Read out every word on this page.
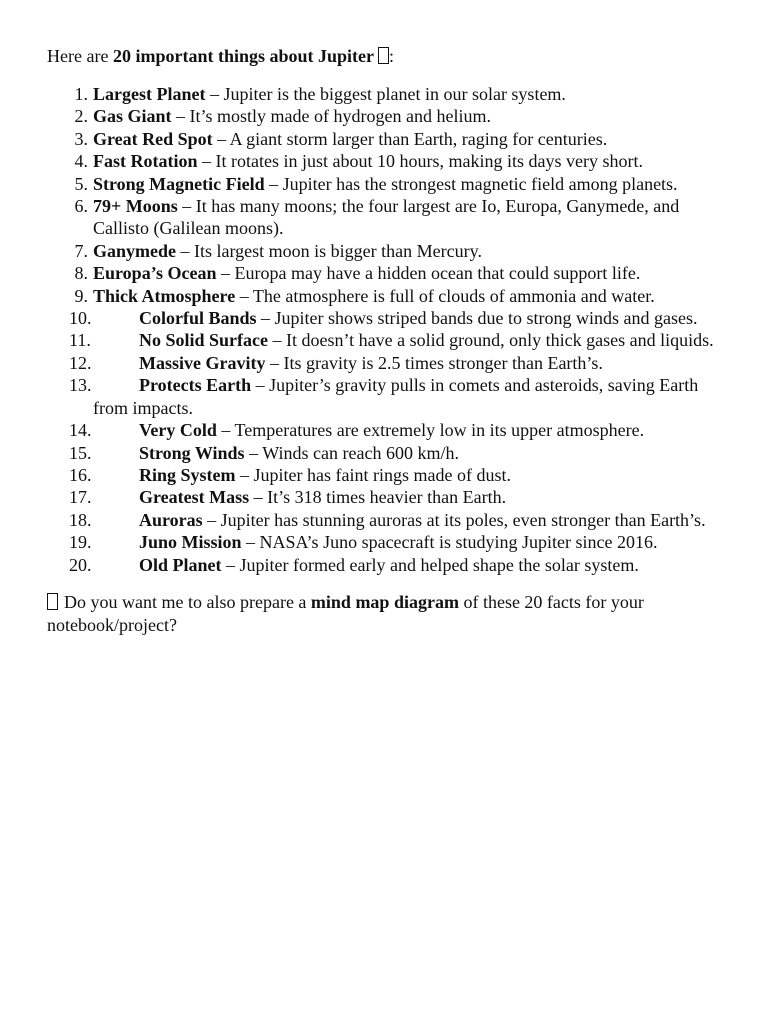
Here are 20 important things about Jupiter :

1. Largest Planet – Jupiter is the biggest planet in our solar system.
2. Gas Giant – It’s mostly made of hydrogen and helium.
3. Great Red Spot – A giant storm larger than Earth, raging for centuries.
4. Fast Rotation – It rotates in just about 10 hours, making its days very short.
5. Strong Magnetic Field – Jupiter has the strongest magnetic field among planets.
6. 79+ Moons – It has many moons; the four largest are Io, Europa, Ganymede, and Callisto (Galilean moons).
7. Ganymede – Its largest moon is bigger than Mercury.
8. Europa’s Ocean – Europa may have a hidden ocean that could support life.
9. Thick Atmosphere – The atmosphere is full of clouds of ammonia and water.
10.	Colorful Bands – Jupiter shows striped bands due to strong winds and gases.
11.	No Solid Surface – It doesn’t have a solid ground, only thick gases and liquids.
12.	Massive Gravity – Its gravity is 2.5 times stronger than Earth’s.
13.	Protects Earth – Jupiter’s gravity pulls in comets and asteroids, saving Earth from impacts.
14.	Very Cold – Temperatures are extremely low in its upper atmosphere.
15.	Strong Winds – Winds can reach 600 km/h.
16.	Ring System – Jupiter has faint rings made of dust.
17.	Greatest Mass – It’s 318 times heavier than Earth.
18.	Auroras – Jupiter has stunning auroras at its poles, even stronger than Earth’s.
19.	Juno Mission – NASA’s Juno spacecraft is studying Jupiter since 2016.
20.	Old Planet – Jupiter formed early and helped shape the solar system.

Do you want me to also prepare a mind map diagram of these 20 facts for your notebook/project?
